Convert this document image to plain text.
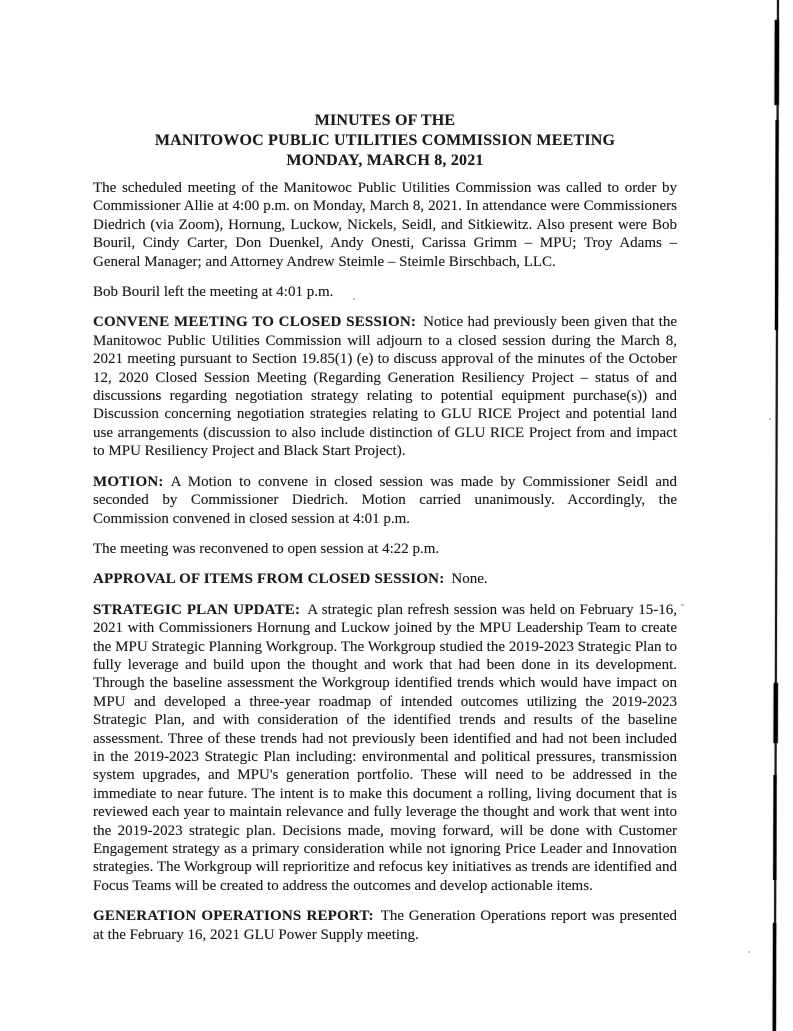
MINUTES OF THE
MANITOWOC PUBLIC UTILITIES COMMISSION MEETING
MONDAY, MARCH 8, 2021

The scheduled meeting of the Manitowoc Public Utilities Commission was called to order by Commissioner Allie at 4:00 p.m. on Monday, March 8, 2021. In attendance were Commissioners Diedrich (via Zoom), Hornung, Luckow, Nickels, Seidl, and Sitkiewitz. Also present were Bob Bouril, Cindy Carter, Don Duenkel, Andy Onesti, Carissa Grimm – MPU; Troy Adams – General Manager; and Attorney Andrew Steimle – Steimle Birschbach, LLC.

Bob Bouril left the meeting at 4:01 p.m.

CONVENE MEETING TO CLOSED SESSION: Notice had previously been given that the Manitowoc Public Utilities Commission will adjourn to a closed session during the March 8, 2021 meeting pursuant to Section 19.85(1) (e) to discuss approval of the minutes of the October 12, 2020 Closed Session Meeting (Regarding Generation Resiliency Project – status of and discussions regarding negotiation strategy relating to potential equipment purchase(s)) and Discussion concerning negotiation strategies relating to GLU RICE Project and potential land use arrangements (discussion to also include distinction of GLU RICE Project from and impact to MPU Resiliency Project and Black Start Project).

MOTION: A Motion to convene in closed session was made by Commissioner Seidl and seconded by Commissioner Diedrich. Motion carried unanimously. Accordingly, the Commission convened in closed session at 4:01 p.m.

The meeting was reconvened to open session at 4:22 p.m.

APPROVAL OF ITEMS FROM CLOSED SESSION: None.

STRATEGIC PLAN UPDATE: A strategic plan refresh session was held on February 15-16, 2021 with Commissioners Hornung and Luckow joined by the MPU Leadership Team to create the MPU Strategic Planning Workgroup. The Workgroup studied the 2019-2023 Strategic Plan to fully leverage and build upon the thought and work that had been done in its development. Through the baseline assessment the Workgroup identified trends which would have impact on MPU and developed a three-year roadmap of intended outcomes utilizing the 2019-2023 Strategic Plan, and with consideration of the identified trends and results of the baseline assessment. Three of these trends had not previously been identified and had not been included in the 2019-2023 Strategic Plan including: environmental and political pressures, transmission system upgrades, and MPU's generation portfolio. These will need to be addressed in the immediate to near future. The intent is to make this document a rolling, living document that is reviewed each year to maintain relevance and fully leverage the thought and work that went into the 2019-2023 strategic plan. Decisions made, moving forward, will be done with Customer Engagement strategy as a primary consideration while not ignoring Price Leader and Innovation strategies. The Workgroup will reprioritize and refocus key initiatives as trends are identified and Focus Teams will be created to address the outcomes and develop actionable items.

GENERATION OPERATIONS REPORT: The Generation Operations report was presented at the February 16, 2021 GLU Power Supply meeting.
